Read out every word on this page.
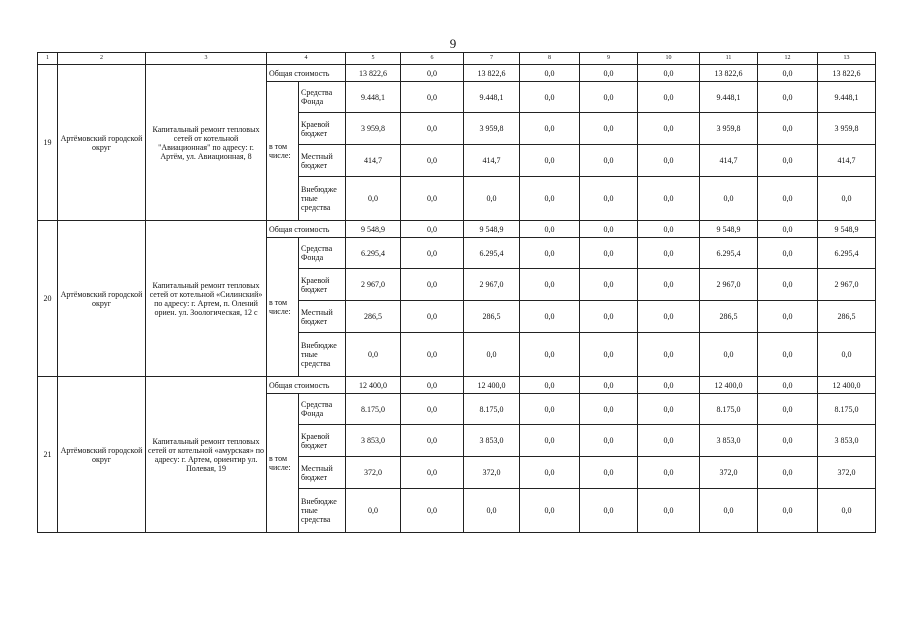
9
1	2	3	4		5	6	7	8	9	10	11	12	13
19	Артёмовский городской округ	Капитальный ремонт тепловых сетей от котельной "Авиационная" по адресу: г. Артём, ул. Авиационная, 8	Общая стоимость		13 822,6	0,0	13 822,6	0,0	0,0	0,0	13 822,6	0,0	13 822,6
			в том числе:	Средства Фонда	9.448,1	0,0	9.448,1	0,0	0,0	0,0	9.448,1	0,0	9.448,1
				Краевой бюджет	3 959,8	0,0	3 959,8	0,0	0,0	0,0	3 959,8	0,0	3 959,8
				Местный бюджет	414,7	0,0	414,7	0,0	0,0	0,0	414,7	0,0	414,7
				Внебюдже тные средства	0,0	0,0	0,0	0,0	0,0	0,0	0,0	0,0	0,0
20	Артёмовский городской округ	Капитальный ремонт тепловых сетей от котельной «Силинский» по адресу: г. Артем, п. Олений ориен. ул. Зоологическая, 12 с	Общая стоимость		9 548,9	0,0	9 548,9	0,0	0,0	0,0	9 548,9	0,0	9 548,9
			в том числе:	Средства Фонда	6.295,4	0,0	6.295,4	0,0	0,0	0,0	6.295,4	0,0	6.295,4
				Краевой бюджет	2 967,0	0,0	2 967,0	0,0	0,0	0,0	2 967,0	0,0	2 967,0
				Местный бюджет	286,5	0,0	286,5	0,0	0,0	0,0	286,5	0,0	286,5
				Внебюдже тные средства	0,0	0,0	0,0	0,0	0,0	0,0	0,0	0,0	0,0
21	Артёмовский городской округ	Капитальный ремонт тепловых сетей от котельной «амурская» по адресу: г. Артем, ориентир ул. Полевая, 19	Общая стоимость		12 400,0	0,0	12 400,0	0,0	0,0	0,0	12 400,0	0,0	12 400,0
			в том числе:	Средства Фонда	8.175,0	0,0	8.175,0	0,0	0,0	0,0	8.175,0	0,0	8.175,0
				Краевой бюджет	3 853,0	0,0	3 853,0	0,0	0,0	0,0	3 853,0	0,0	3 853,0
				Местный бюджет	372,0	0,0	372,0	0,0	0,0	0,0	372,0	0,0	372,0
				Внебюдже тные средства	0,0	0,0	0,0	0,0	0,0	0,0	0,0	0,0	0,0
